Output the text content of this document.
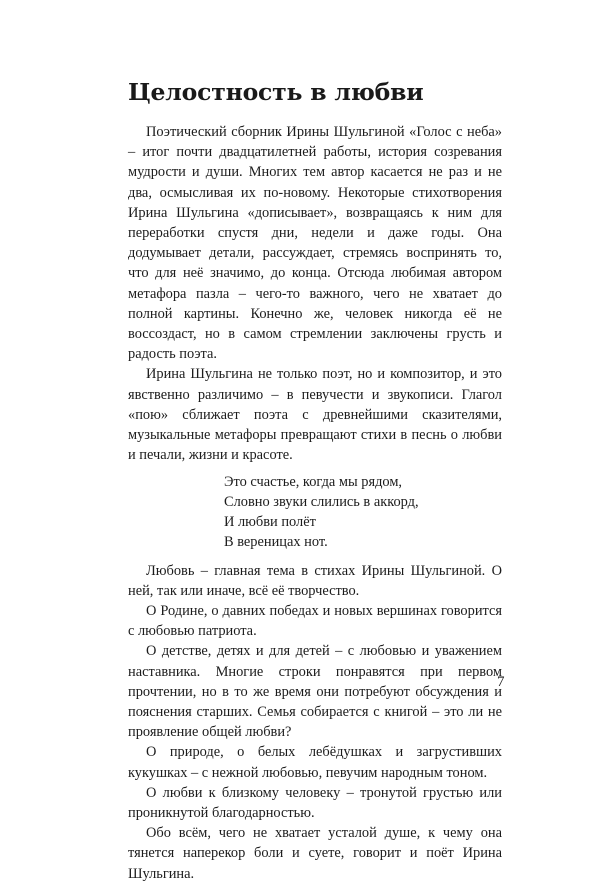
Целостность в любви

Поэтический сборник Ирины Шульгиной «Голос с неба» – итог почти двадцатилетней работы, история созревания мудрости и души. Многих тем автор касается не раз и не два, осмысливая их по-новому. Некоторые стихотворения Ирина Шульгина «дописывает», возвращаясь к ним для переработки спустя дни, недели и даже годы. Она додумывает детали, рассуждает, стремясь воспринять то, что для неё значимо, до конца. Отсюда любимая автором метафора пазла – чего-то важного, чего не хватает до полной картины. Конечно же, человек никогда её не воссоздаст, но в самом стремлении заключены грусть и радость поэта.

Ирина Шульгина не только поэт, но и композитор, и это явственно различимо – в певучести и звукописи. Глагол «пою» сближает поэта с древнейшими сказителями, музыкальные метафоры превращают стихи в песнь о любви и печали, жизни и красоте.

Это счастье, когда мы рядом,
Словно звуки слились в аккорд,
И любви полёт
В вереницах нот.

Любовь – главная тема в стихах Ирины Шульгиной. О ней, так или иначе, всё её творчество.

О Родине, о давних победах и новых вершинах говорится с любовью патриота.

О детстве, детях и для детей – с любовью и уважением наставника. Многие строки понравятся при первом прочтении, но в то же время они потребуют обсуждения и пояснения старших. Семья собирается с книгой – это ли не проявление общей любви?

О природе, о белых лебёдушках и загрустивших кукушках – с нежной любовью, певучим народным тоном.

О любви к близкому человеку – тронутой грустью или проникнутой благодарностью.

Обо всём, чего не хватает усталой душе, к чему она тянется наперекор боли и суете, говорит и поёт Ирина Шульгина.

7
